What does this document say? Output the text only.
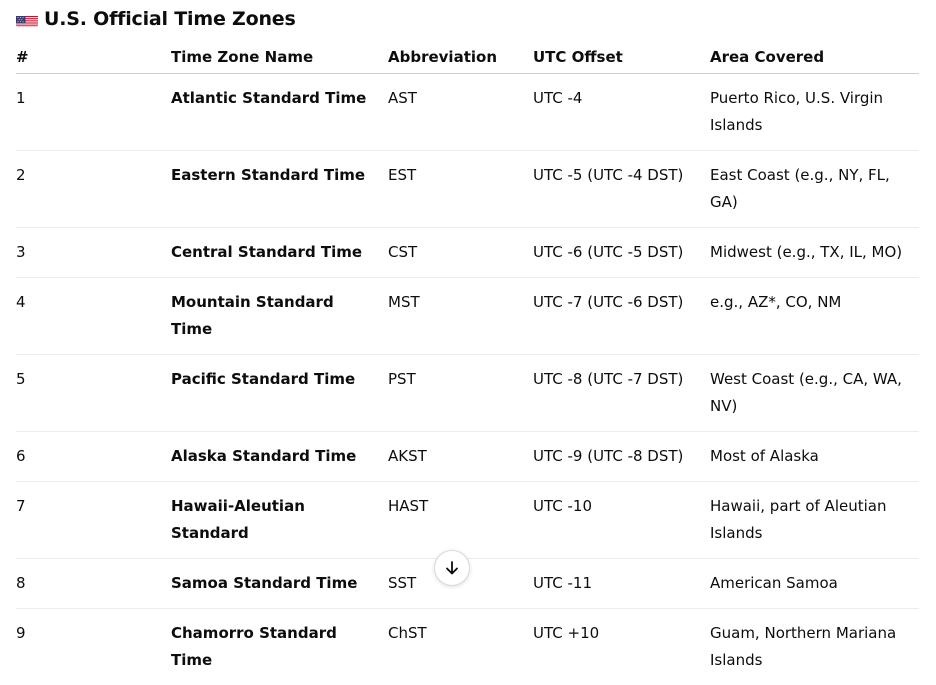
U.S. Official Time Zones
#	Time Zone Name	Abbreviation	UTC Offset	Area Covered
1	Atlantic Standard Time	AST	UTC -4	Puerto Rico, U.S. Virgin Islands
2	Eastern Standard Time	EST	UTC -5 (UTC -4 DST)	East Coast (e.g., NY, FL, GA)
3	Central Standard Time	CST	UTC -6 (UTC -5 DST)	Midwest (e.g., TX, IL, MO)
4	Mountain Standard Time	MST	UTC -7 (UTC -6 DST)	e.g., AZ*, CO, NM
5	Pacific Standard Time	PST	UTC -8 (UTC -7 DST)	West Coast (e.g., CA, WA, NV)
6	Alaska Standard Time	AKST	UTC -9 (UTC -8 DST)	Most of Alaska
7	Hawaii-Aleutian Standard	HAST	UTC -10	Hawaii, part of Aleutian Islands
8	Samoa Standard Time	SST	UTC -11	American Samoa
9	Chamorro Standard Time	ChST	UTC +10	Guam, Northern Mariana Islands
